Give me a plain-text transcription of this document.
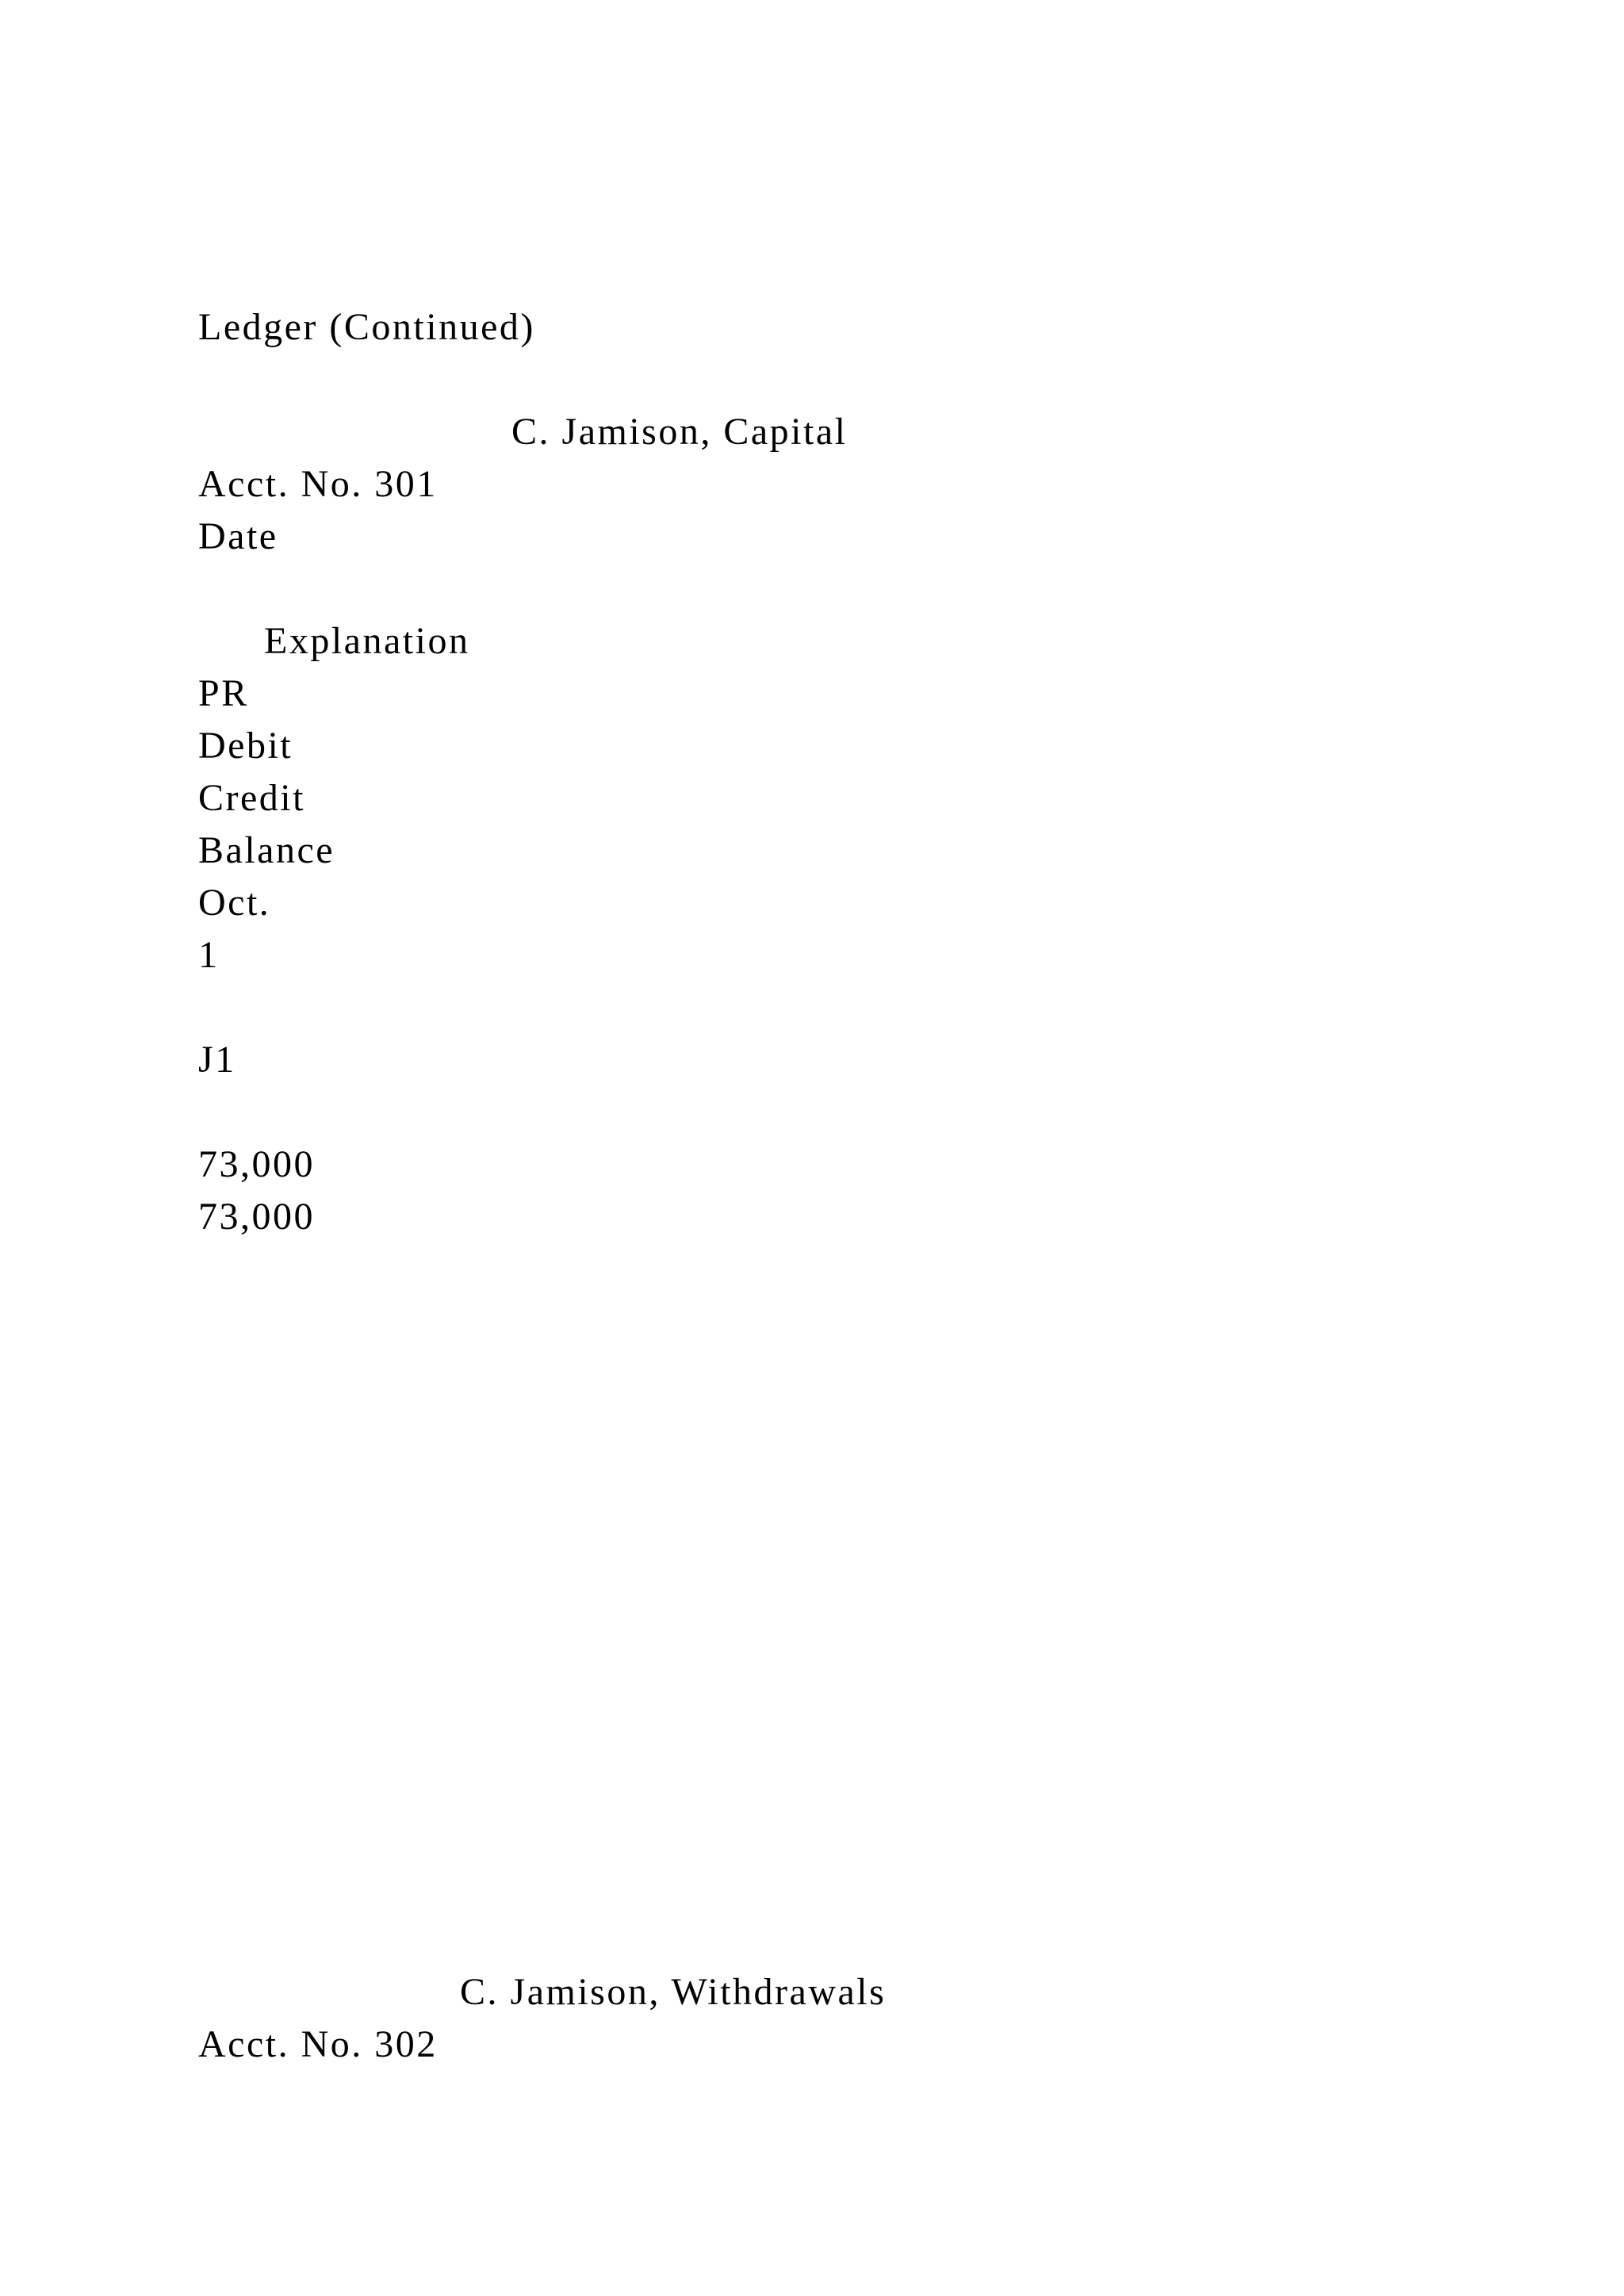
Ledger (Continued)
C. Jamison, Capital
Acct. No. 301
Date
Explanation
PR
Debit
Credit
Balance
Oct.
1
J1
73,000
73,000
C. Jamison, Withdrawals
Acct. No. 302
